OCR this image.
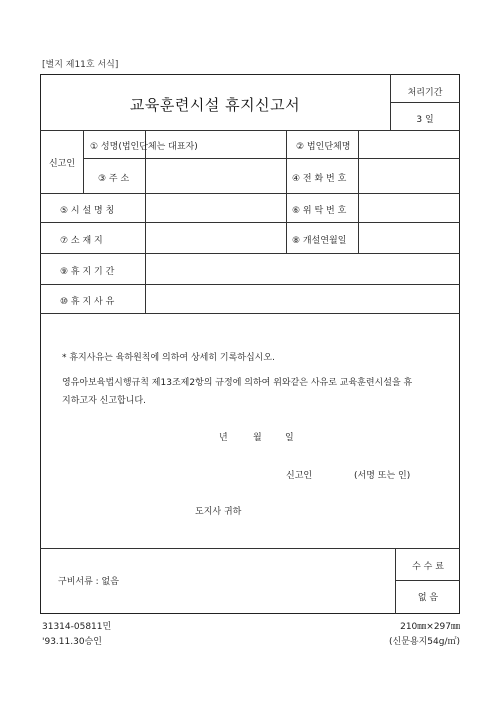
[별지 제11호 서식]
교육훈련시설 휴지신고서
처리기간
3 일
신고인
① 성명(법인단체는 대표자)	② 법인단체명
③ 주 소	④ 전 화 번 호
⑤ 시 설 명 칭	⑥ 위 탁 번 호
⑦ 소 재 지	⑧ 개설연월일
⑨ 휴 지 기 간
⑩ 휴 지 사 유
* 휴지사유는 육하원칙에 의하여 상세히 기록하십시오.
영유아보육법시행규칙 제13조제2항의 규정에 의하여 위와같은 사유로 교육훈련시설을 휴
지하고자 신고합니다.
년	월	일
신고인	(서명 또는 인)
도지사 귀하
구비서류 : 없음
수 수 료
없 음
31314-05811민
'93.11.30승인
210㎜×297㎜
(신문용지54g/㎡)
